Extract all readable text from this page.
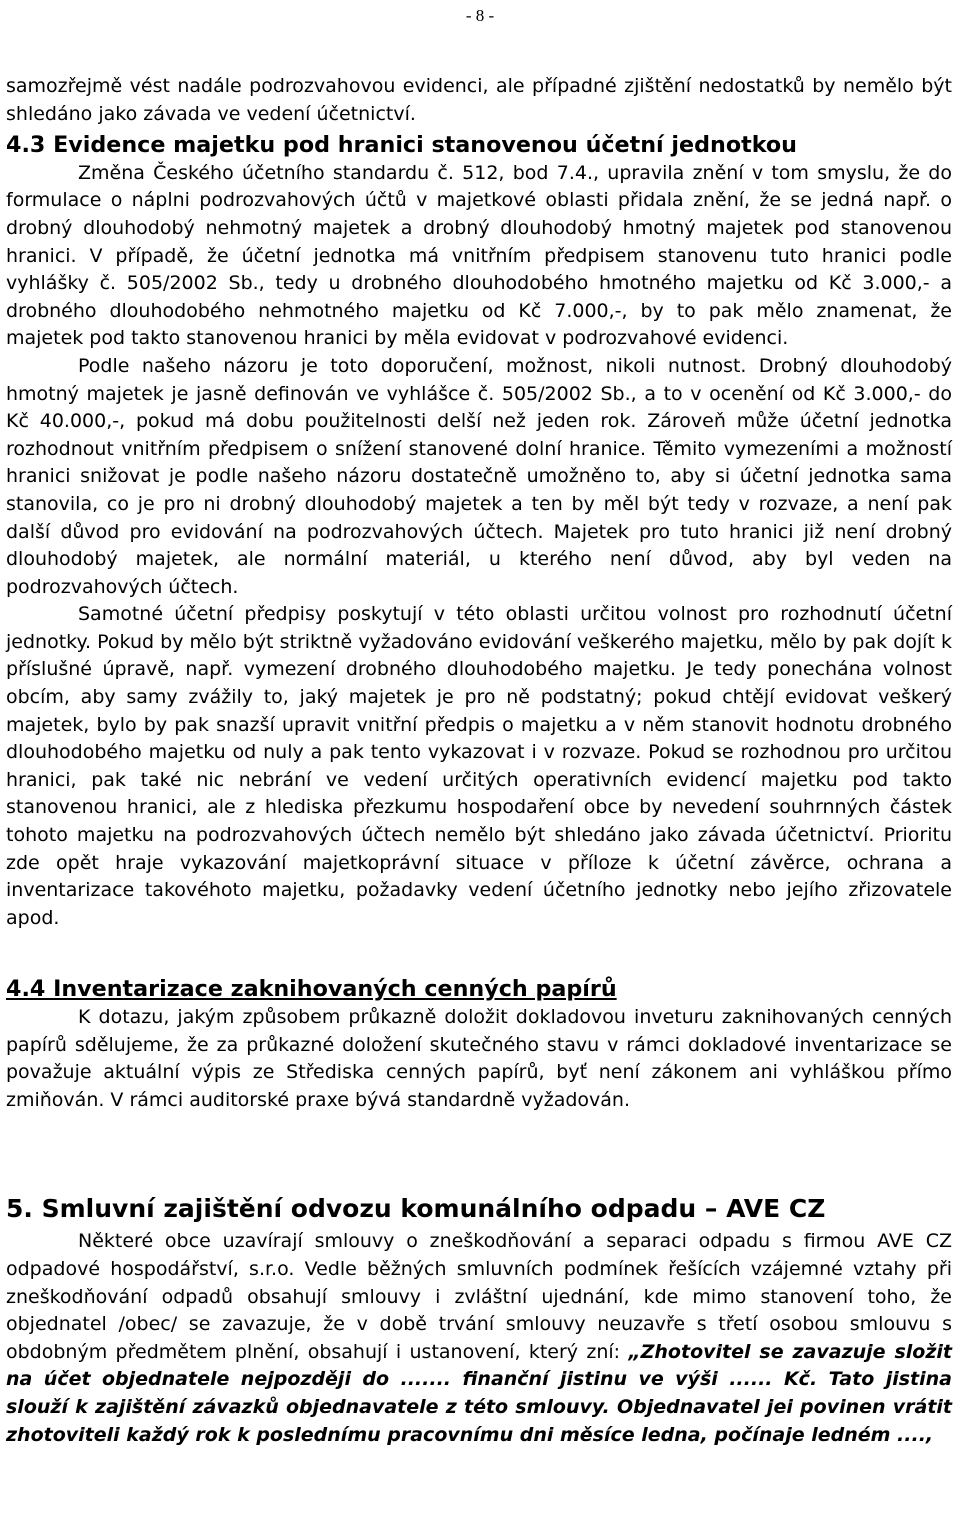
- 8 -

samozřejmě vést nadále podrozvahovou evidenci, ale případné zjištění nedostatků by nemělo být shledáno jako závada ve vedení účetnictví.

4.3 Evidence majetku pod hranici stanovenou účetní jednotkou

Změna Českého účetního standardu č. 512, bod 7.4., upravila znění v tom smyslu, že do formulace o náplni podrozvahových účtů v majetkové oblasti přidala znění, že se jedná např. o drobný dlouhodobý nehmotný majetek a drobný dlouhodobý hmotný majetek pod stanovenou hranici. V případě, že účetní jednotka má vnitřním předpisem stanovenu tuto hranici podle vyhlášky č. 505/2002 Sb., tedy u drobného dlouhodobého hmotného majetku od Kč 3.000,- a drobného dlouhodobého nehmotného majetku od Kč 7.000,-, by to pak mělo znamenat, že majetek pod takto stanovenou hranici by měla evidovat v podrozvahové evidenci.

Podle našeho názoru je toto doporučení, možnost, nikoli nutnost. Drobný dlouhodobý hmotný majetek je jasně definován ve vyhlášce č. 505/2002 Sb., a to v ocenění od Kč 3.000,- do Kč 40.000,-, pokud má dobu použitelnosti delší než jeden rok. Zároveň může účetní jednotka rozhodnout vnitřním předpisem o snížení stanovené dolní hranice. Těmito vymezeními a možností hranici snižovat je podle našeho názoru dostatečně umožněno to, aby si účetní jednotka sama stanovila, co je pro ni drobný dlouhodobý majetek a ten by měl být tedy v rozvaze, a není pak další důvod pro evidování na podrozvahových účtech. Majetek pro tuto hranici již není drobný dlouhodobý majetek, ale normální materiál, u kterého není důvod, aby byl veden na podrozvahových účtech.

Samotné účetní předpisy poskytují v této oblasti určitou volnost pro rozhodnutí účetní jednotky. Pokud by mělo být striktně vyžadováno evidování veškerého majetku, mělo by pak dojít k příslušné úpravě, např. vymezení drobného dlouhodobého majetku. Je tedy ponechána volnost obcím, aby samy zvážily to, jaký majetek je pro ně podstatný; pokud chtějí evidovat veškerý majetek, bylo by pak snazší upravit vnitřní předpis o majetku a v něm stanovit hodnotu drobného dlouhodobého majetku od nuly a pak tento vykazovat i v rozvaze. Pokud se rozhodnou pro určitou hranici, pak také nic nebrání ve vedení určitých operativních evidencí majetku pod takto stanovenou hranici, ale z hlediska přezkumu hospodaření obce by nevedení souhrnných částek tohoto majetku na podrozvahových účtech nemělo být shledáno jako závada účetnictví. Prioritu zde opět hraje vykazování majetkoprávní situace v příloze k účetní závěrce, ochrana a inventarizace takovéhoto majetku, požadavky vedení účetního jednotky nebo jejího zřizovatele apod.

4.4 Inventarizace zaknihovaných cenných papírů

K dotazu, jakým způsobem průkazně doložit dokladovou inveturu zaknihovaných cenných papírů sdělujeme, že za průkazné doložení skutečného stavu v rámci dokladové inventarizace se považuje aktuální výpis ze Střediska cenných papírů, byť není zákonem ani vyhláškou přímo zmiňován. V rámci auditorské praxe bývá standardně vyžadován.

5. Smluvní zajištění odvozu komunálního odpadu – AVE CZ

Některé obce uzavírají smlouvy o zneškodňování a separaci odpadu s firmou AVE CZ odpadové hospodářství, s.r.o. Vedle běžných smluvních podmínek řešících vzájemné vztahy při zneškodňování odpadů obsahují smlouvy i zvláštní ujednání, kde mimo stanovení toho, že objednatel /obec/ se zavazuje, že v době trvání smlouvy neuzavře s třetí osobou smlouvu s obdobným předmětem plnění, obsahují i ustanovení, který zní: „Zhotovitel se zavazuje složit na účet objednatele nejpozději do ....... finanční jistinu ve výši ...... Kč. Tato jistina slouží k zajištění závazků objednavatele z této smlouvy. Objednavatel jei povinen vrátit zhotoviteli každý rok k poslednímu pracovnímu dni měsíce ledna, počínaje ledném ....,
